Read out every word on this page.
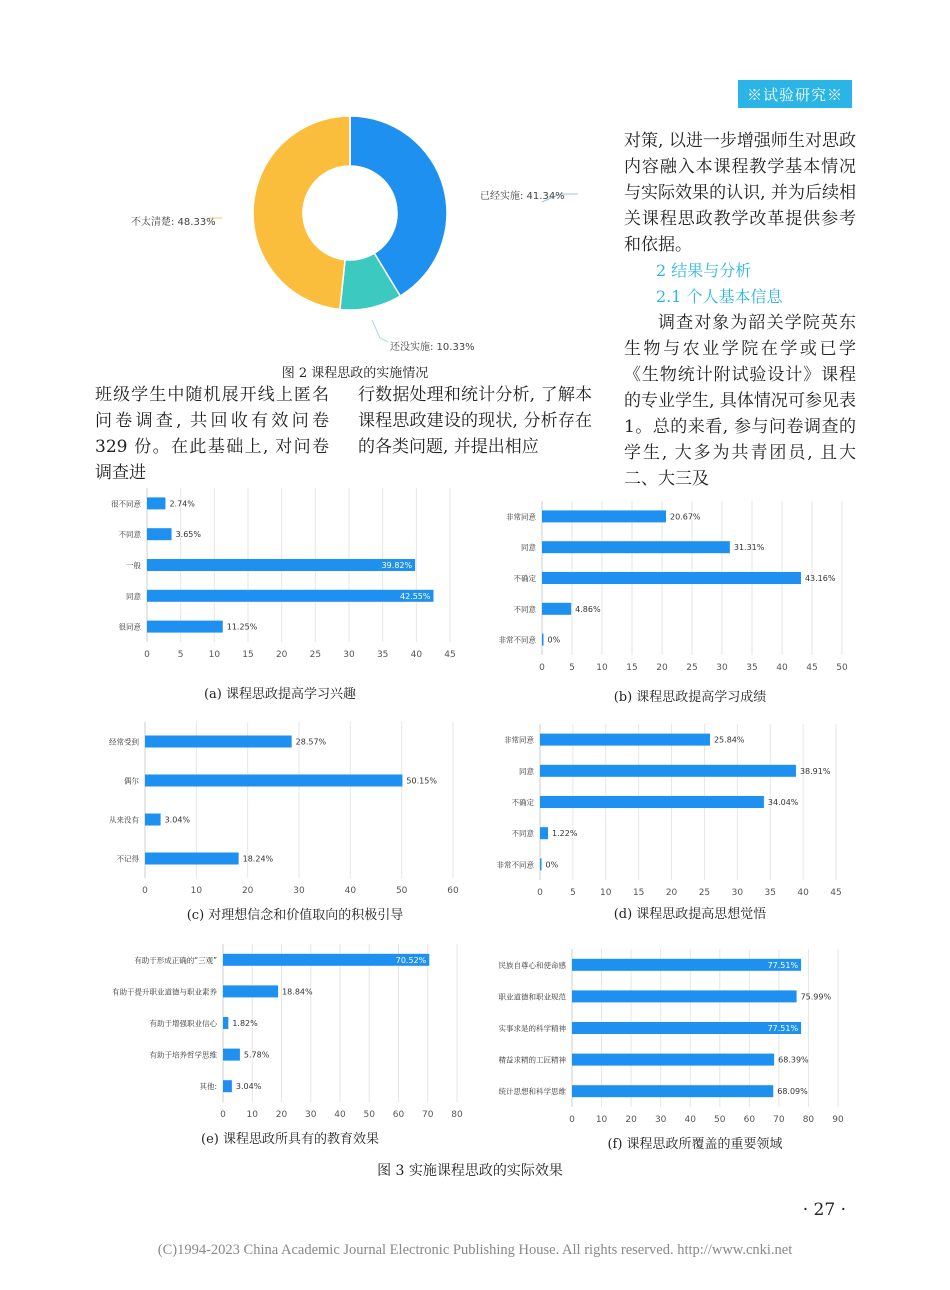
※试验研究※
已经实施: 41.34%
还没实施: 10.33%
不太清楚: 48.33%
图 2 课程思政的实施情况

对策, 以进一步增强师生对思政内容融入本课程教学基本情况与实际效果的认识, 并为后续相关课程思政教学改革提供参考和依据。

2 结果与分析

2.1 个人基本信息

调查对象为韶关学院英东生物与农业学院在学或已学《生物统计附试验设计》课程的专业学生, 具体情况可参见表 1。总的来看, 参与问卷调查的学生, 大多为共青团员, 且大二、大三及

班级学生中随机展开线上匿名问卷调查, 共回收有效问卷 329 份。在此基础上, 对问卷调查进
行数据处理和统计分析, 了解本课程思政建设的现状, 分析存在的各类问题, 并提出相应
0	5	10 15 20 25 30 35 40 45
很不同意	2.74%
不同意	3.65%
一般	39.82%
同意	42.55%
很同意	11.25%
(a) 课程思政提高学习兴趣
0	5 10 15 20 25 30 35 40 45 50
非常同意	20.67%
同意	31.31%
不确定	43.16%
不同意	4.86%
非常不同意 0%
(b) 课程思政提高学习成绩
0	10	20	30	40	50	60
经常受到	28.57%
偶尔	50.15%
从来没有	3.04%
不记得	18.24%
(c) 对理想信念和价值取向的积极引导
0	5	10 15 20 25 30 35 40 45
非常同意	25.84%
同意	38.91%
不确定	34.04%
不同意 1.22%
非常不同意 0%
(d) 课程思政提高思想觉悟
0 10 20 30 40 50 60 70 80
有助于形成正确的“三观”	70.52%
有助于提升职业道德与职业素养	18.84%
有助于增强职业信心 1.82%
有助于培养哲学思维	5.78%
其他: 3.04%
(e) 课程思政所具有的教育效果
0 10 20 30 40 50 60 70 80 90
民族自尊心和使命感	77.51%
职业道德和职业规范	75.99%
实事求是的科学精神	77.51%
精益求精的工匠精神	68.39%
统计思想和科学思维	68.09%
(f) 课程思政所覆盖的重要领域
图 3 实施课程思政的实际效果
· 27 ·
(C)1994-2023 China Academic Journal Electronic Publishing House. All rights reserved. http://www.cnki.net
